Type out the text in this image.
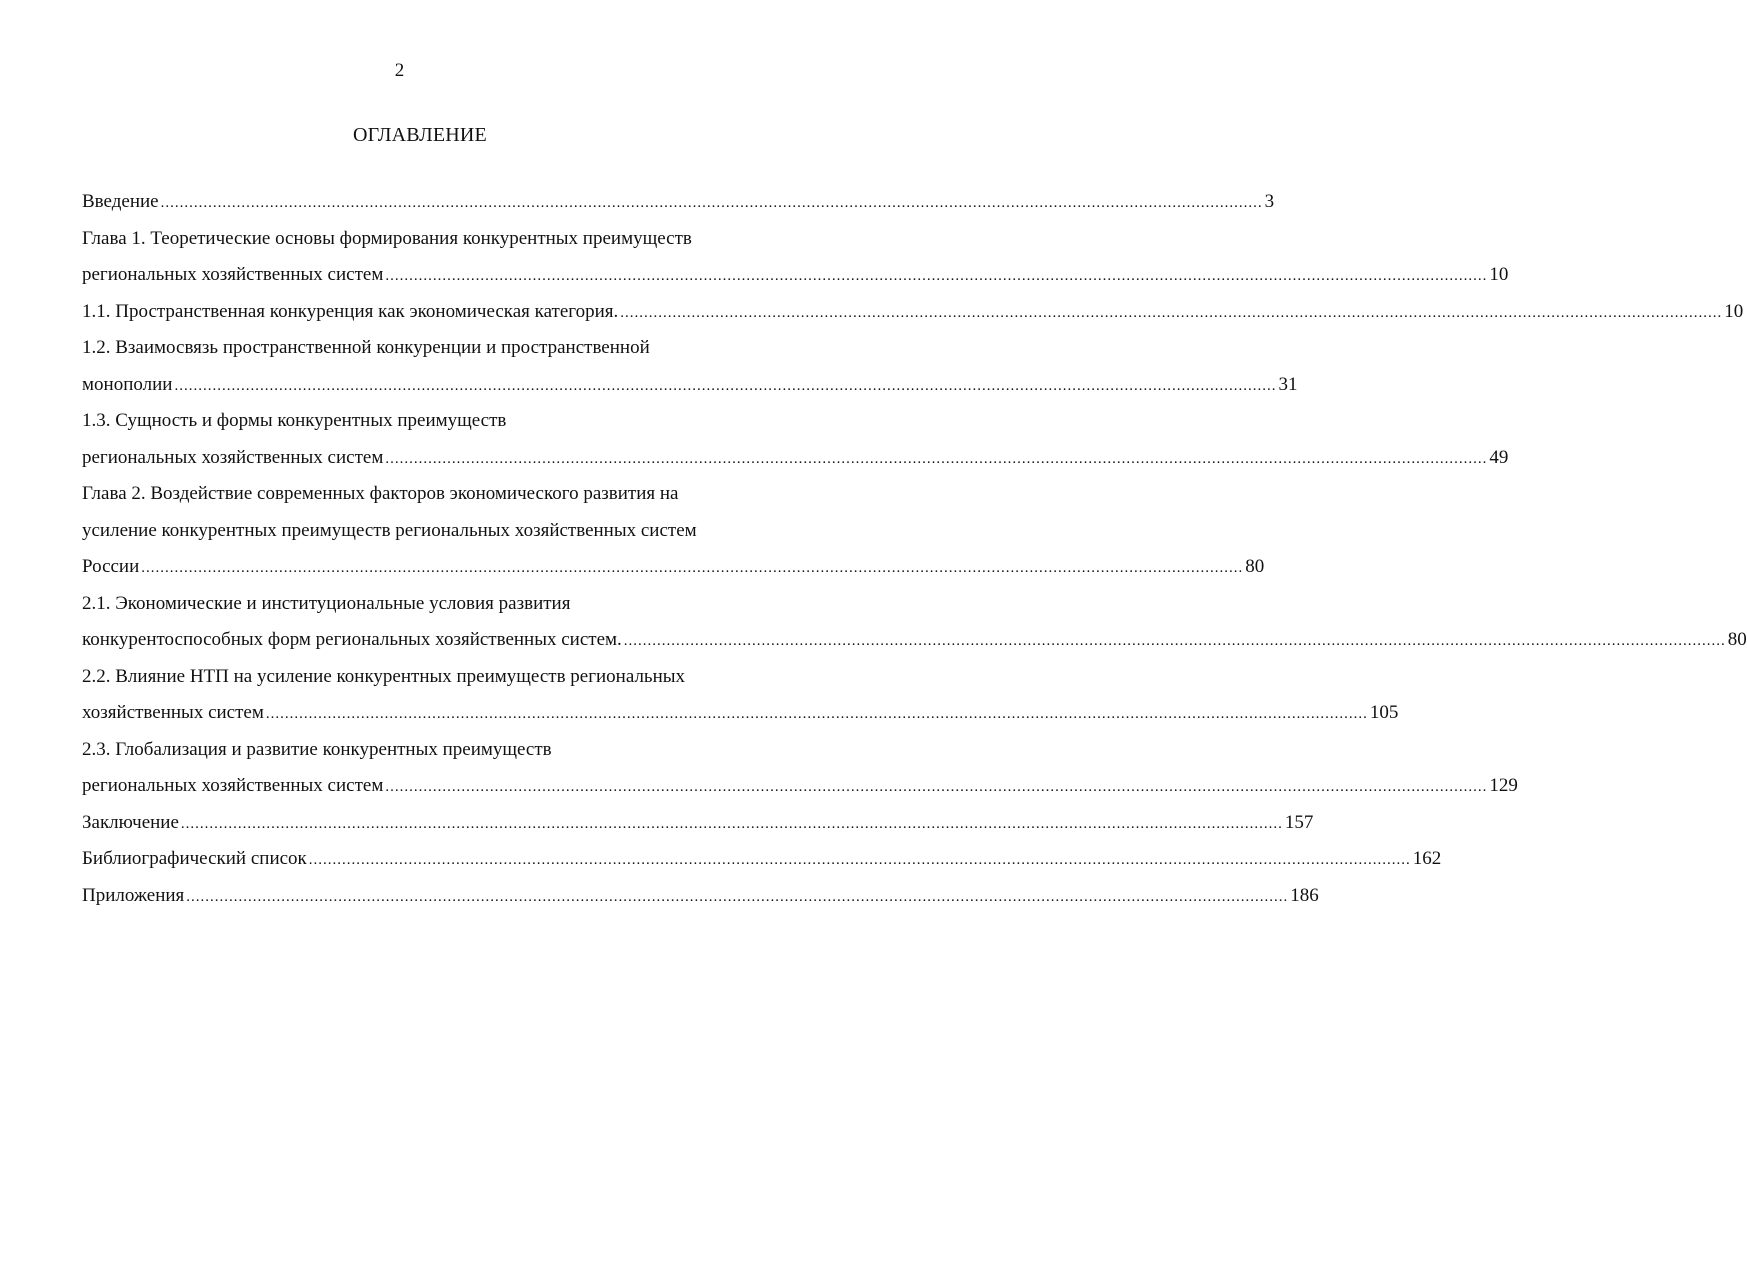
2
ОГЛАВЛЕНИЕ
Введение .....	3
Глава 1. Теоретические основы формирования конкурентных преимуществ
региональных хозяйственных систем .....	10
1.1. Пространственная конкуренция как экономическая категория. .....	10
1.2. Взаимосвязь пространственной конкуренции и пространственной
монополии .....	31
1.3. Сущность и формы конкурентных преимуществ
региональных хозяйственных систем .....	49
Глава 2. Воздействие современных факторов экономического развития на
усиление конкурентных преимуществ региональных хозяйственных систем
России .....	80
2.1. Экономические и институциональные условия развития
конкурентоспособных форм региональных хозяйственных систем. .....	80
2.2. Влияние НТП на усиление конкурентных преимуществ региональных
хозяйственных систем .....	105
2.3. Глобализация и развитие конкурентных преимуществ
региональных хозяйственных систем .....	129
Заключение .....	157
Библиографический список .....	162
Приложения .....	186
